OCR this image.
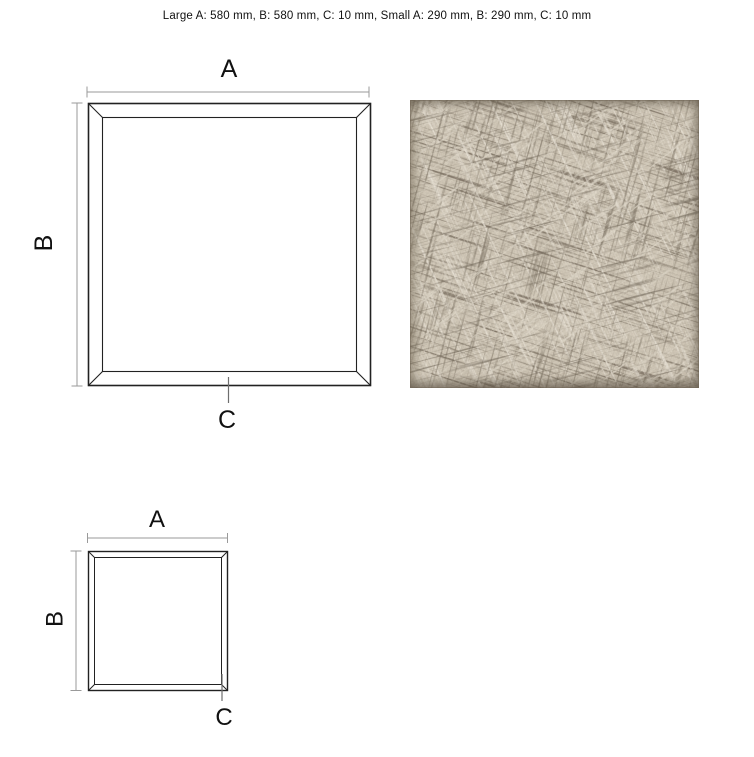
Large A: 580 mm, B: 580 mm, C: 10 mm, Small A: 290 mm, B: 290 mm, C: 10 mm
A
B
C
A
B
C
